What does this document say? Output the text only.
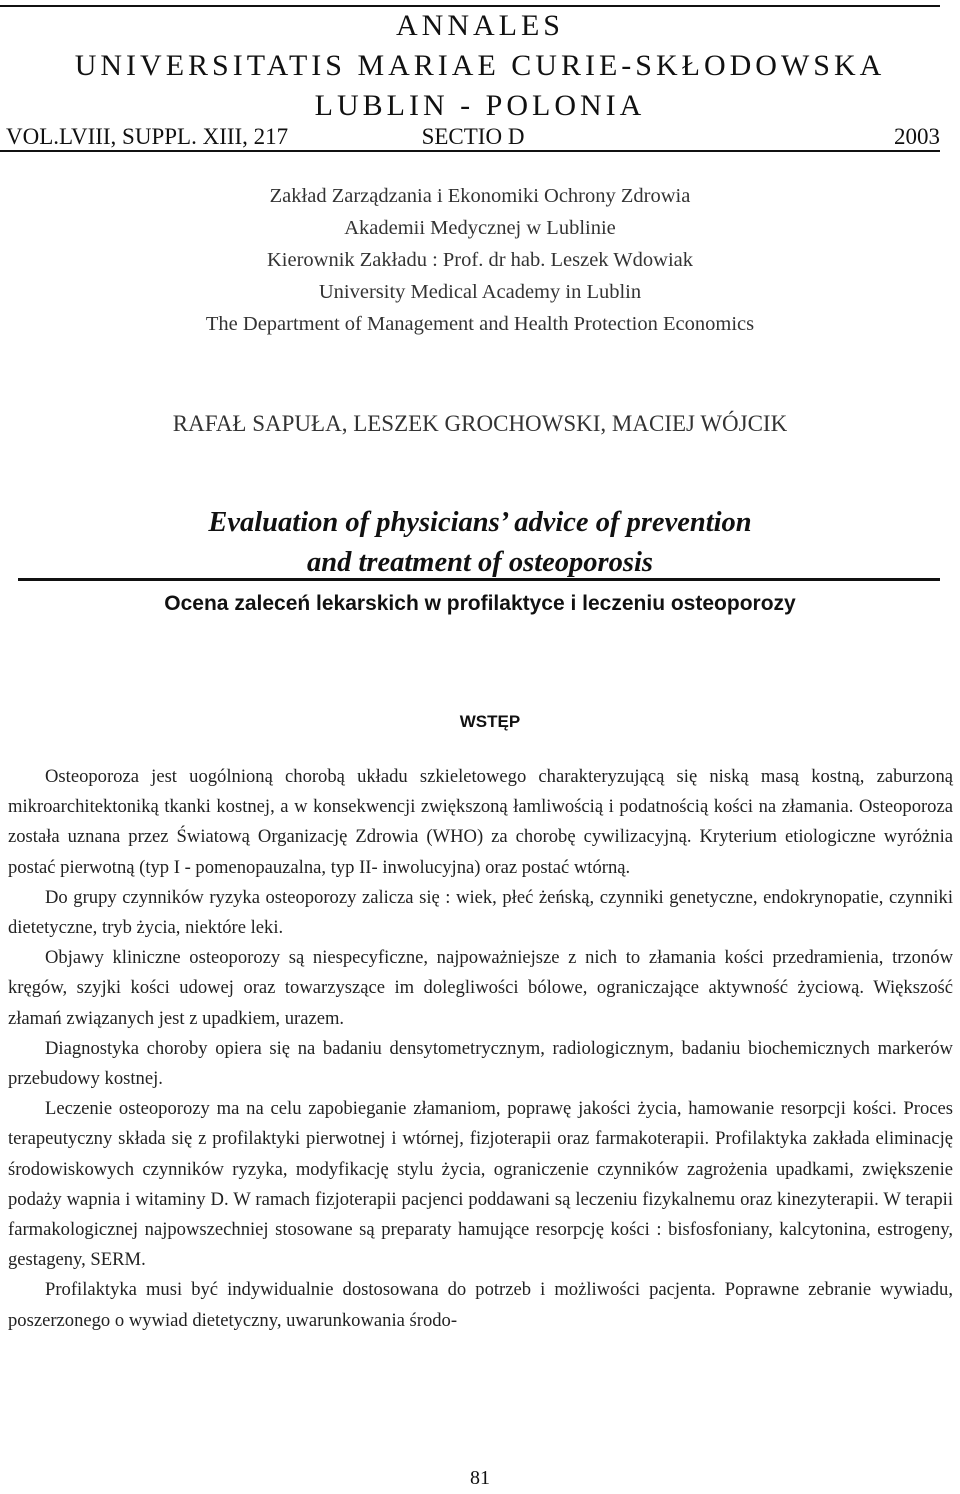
ANNALES
UNIVERSITATIS MARIAE CURIE-SKŁODOWSKA
LUBLIN - POLONIA
VOL.LVIII, SUPPL. XIII, 217	SECTIO D	2003
Zakład Zarządzania i Ekonomiki Ochrony Zdrowia
Akademii Medycznej w Lublinie
Kierownik Zakładu : Prof. dr hab. Leszek Wdowiak
University Medical Academy in Lublin
The Department of Management and Health Protection Economics
RAFAŁ SAPUŁA, LESZEK GROCHOWSKI, MACIEJ WÓJCIK
Evaluation of physicians’ advice of prevention
and treatment of osteoporosis
Ocena zaleceń lekarskich w profilaktyce i leczeniu osteoporozy
WSTĘP

Osteoporoza jest uogólnioną chorobą układu szkieletowego charakteryzującą się niską masą kostną, zaburzoną mikroarchitektoniką tkanki kostnej, a w konsekwencji zwiększoną łamliwością i podatnością kości na złamania. Osteoporoza została uznana przez Światową Organizację Zdrowia (WHO) za chorobę cywilizacyjną. Kryterium etiologiczne wyróżnia postać pierwotną (typ I - pomenopauzalna, typ II- inwolucyjna) oraz postać wtórną.

Do grupy czynników ryzyka osteoporozy zalicza się : wiek, płeć żeńską, czynniki genetyczne, endokrynopatie, czynniki dietetyczne, tryb życia, niektóre leki.

Objawy kliniczne osteoporozy są niespecyficzne, najpoważniejsze z nich to złamania kości przedramienia, trzonów kręgów, szyjki kości udowej oraz towarzyszące im dolegliwości bólowe, ograniczające aktywność życiową. Większość złamań związanych jest z upadkiem, urazem.

Diagnostyka choroby opiera się na badaniu densytometrycznym, radiologicznym, badaniu biochemicznych markerów przebudowy kostnej.

Leczenie osteoporozy ma na celu zapobieganie złamaniom, poprawę jakości życia, hamowanie resorpcji kości. Proces terapeutyczny składa się z profilaktyki pierwotnej i wtórnej, fizjoterapii oraz farmakoterapii. Profilaktyka zakłada eliminację środowiskowych czynników ryzyka, modyfikację stylu życia, ograniczenie czynników zagrożenia upadkami, zwiększenie podaży wapnia i witaminy D. W ramach fizjoterapii pacjenci poddawani są leczeniu fizykalnemu oraz kinezyterapii. W terapii farmakologicznej najpowszechniej stosowane są preparaty hamujące resorpcję kości : bisfosfoniany, kalcytonina, estrogeny, gestageny, SERM.

Profilaktyka musi być indywidualnie dostosowana do potrzeb i możliwości pacjenta. Poprawne zebranie wywiadu, poszerzonego o wywiad dietetyczny, uwarunkowania środo-

81
